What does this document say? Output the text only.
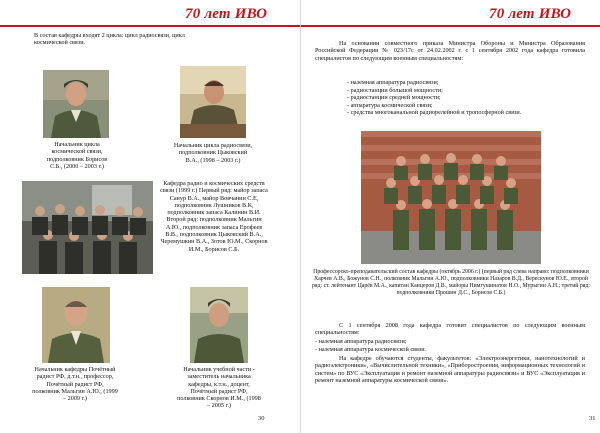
70 лет ИВО
В состав кафедры входят 2 цикла: цикл радиосвязи, цикл космической связи.
Начальник цикла космической связи, подполковник Борисов С.Б., (2000 – 2003 г.)
Начальник цикла радиосвязи, подполковник Цыковский В.А., (1998 – 2003 г.)
Кафедра радио и космических средств связи (1999 г.) Первый ряд: майор запаса Санур В.А., майор Вовчанин С.Е, подполковник Лушников В.К, подполковник запаса Калинин В.И. Второй ряд: подполковник Мальгин А.Ю., подполковник запаса Ерофеев В.В., подполковник Цыковский В.А., Черемушкин В.А., Зотов Ю.М., Скорнов И.М., Борисов С.Б.
Начальник кафедры Почётный радист РФ, д.т.н., профессор, Почётный радист РФ, полковник Мальгин А.Ю., (1999 – 2009 г.)
Начальник учебной части - заместитель начальника кафедры, к.т.н., доцент, Почётный радист РФ, полковник Скорнов И.М., (1998 – 2005 г.)
30
70 лет ИВО
На основании совместного приказа Министра Обороны и Министра Образования Российской Федерации № 023/17с от 24.02.2002 г. с 1 сентября 2002 года кафедра готовила специалистов по следующим военным специальностям:
- наземная аппаратура радиосвязи;
- радиостанции большой мощности;
- радиостанции средней мощности;
- аппаратура космической связи;
- средства многоканальной радиорелейной и тропосферной связи.
Профессорско-преподавательский состав кафедры (октябрь 2006 г.) (первый ряд слева направо: подполковники Харчев А.В., Божунов С.Н., полковник Мальгин А.Ю., подполковники Назаров В.Д., Верескунов Ю.Е., второй ряд: ст. лейтенант Царёв М.А., капитан Канцеров Д.В., майоры Нимгушинатов Н.О., Мурыгин А.Н.; третий ряд: подполковники Прошин Д.С., Борисов С.Б.)
С 1 сентября 2008 года кафедра готовит специалистов по следующим военным специальностям:
- наземная аппаратура радиосвязи;
- наземная аппаратура космической связи.
На кафедре обучаются студенты, факультетов: «Электроэнергетики, нанотехнологий и радиоэлектроники», «Вычислительной техники», «Приборостроения, информационных технологий и систем» по ВУС «Эксплуатация и ремонт наземной аппаратуры радиосвязи» и ВУС «Эксплуатация и ремонт наземной аппаратуры космической связи».
31
